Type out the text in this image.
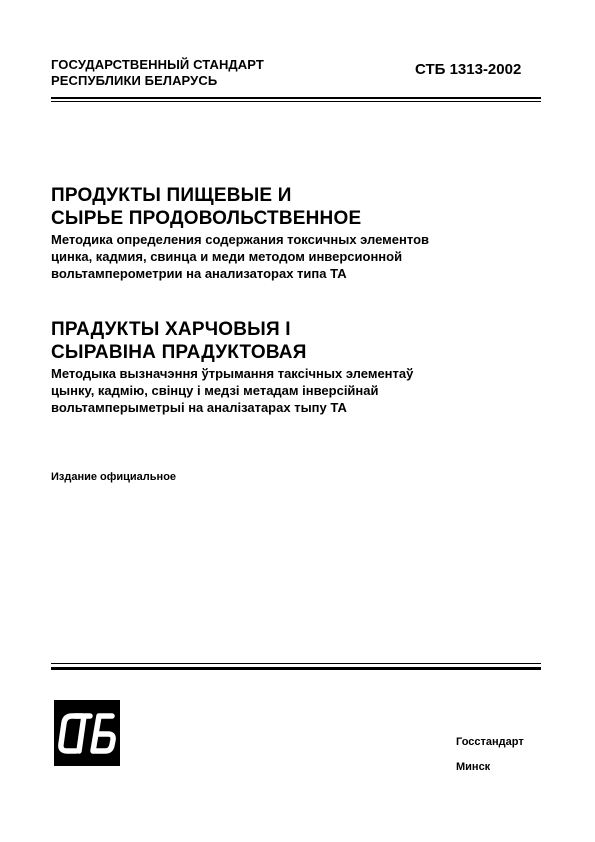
ГОСУДАРСТВЕННЫЙ СТАНДАРТ
РЕСПУБЛИКИ БЕЛАРУСЬ
СТБ 1313-2002
ПРОДУКТЫ ПИЩЕВЫЕ И
СЫРЬЕ ПРОДОВОЛЬСТВЕННОЕ
Методика определения содержания токсичных элементов
цинка, кадмия, свинца и меди методом инверсионной
вольтамперометрии на анализаторах типа ТА
ПРАДУКТЫ ХАРЧОВЫЯ І
СЫРАВІНА ПРАДУКТОВАЯ
Методыка вызначэння ўтрымання таксічных элементаў
цынку, кадмію, свінцу і медзі метадам інверсійнай
вольтамперыметрыі на аналізатарах тыпу ТА
Издание официальное
Госстандарт
Минск
